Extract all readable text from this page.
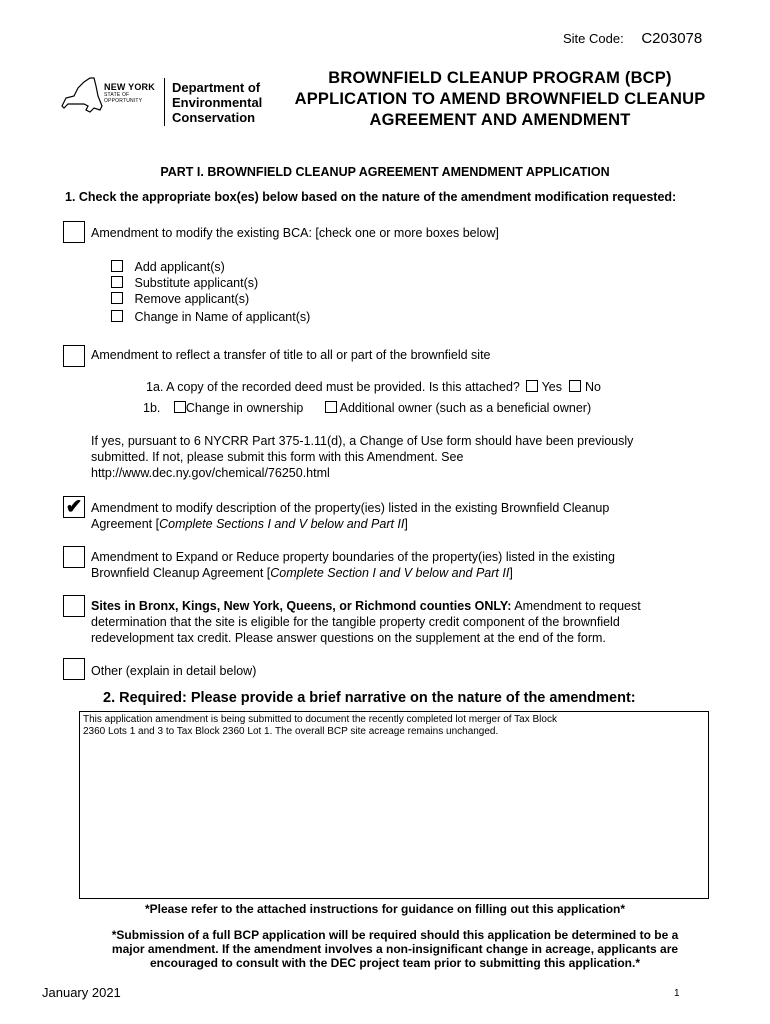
Site Code: C203078
NEW YORK
STATE OF
OPPORTUNITY
Department of
Environmental
Conservation
BROWNFIELD CLEANUP PROGRAM (BCP)
APPLICATION TO AMEND BROWNFIELD CLEANUP
AGREEMENT AND AMENDMENT
PART I. BROWNFIELD CLEANUP AGREEMENT AMENDMENT APPLICATION
1. Check the appropriate box(es) below based on the nature of the amendment modification requested:
Amendment to modify the existing BCA: [check one or more boxes below]
Add applicant(s)
Substitute applicant(s)
Remove applicant(s)
Change in Name of applicant(s)
Amendment to reflect a transfer of title to all or part of the brownfield site
1a. A copy of the recorded deed must be provided. Is this attached? Yes No
1b. Change in ownership	Additional owner (such as a beneficial owner)
If yes, pursuant to 6 NYCRR Part 375-1.11(d), a Change of Use form should have been previously
submitted. If not, please submit this form with this Amendment. See
http://www.dec.ny.gov/chemical/76250.html
✔ Amendment to modify description of the property(ies) listed in the existing Brownfield Cleanup
Agreement [Complete Sections I and V below and Part II]
Amendment to Expand or Reduce property boundaries of the property(ies) listed in the existing
Brownfield Cleanup Agreement [Complete Section I and V below and Part II]
Sites in Bronx, Kings, New York, Queens, or Richmond counties ONLY: Amendment to request
determination that the site is eligible for the tangible property credit component of the brownfield
redevelopment tax credit. Please answer questions on the supplement at the end of the form.
Other (explain in detail below)
2. Required: Please provide a brief narrative on the nature of the amendment:
This application amendment is being submitted to document the recently completed lot merger of Tax Block
2360 Lots 1 and 3 to Tax Block 2360 Lot 1. The overall BCP site acreage remains unchanged.
*Please refer to the attached instructions for guidance on filling out this application*
*Submission of a full BCP application will be required should this application be determined to be a
major amendment. If the amendment involves a non-insignificant change in acreage, applicants are
encouraged to consult with the DEC project team prior to submitting this application.*
January 2021	1
